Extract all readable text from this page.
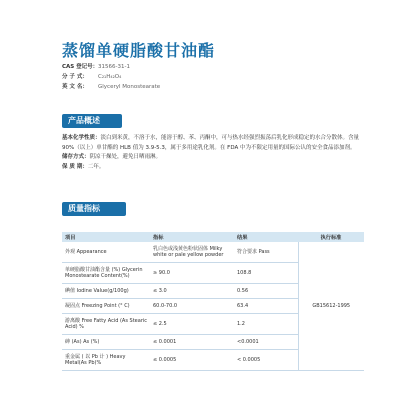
蒸馏单硬脂酸甘油酯
CAS 登记号： 31566-31-1
分 子 式：	C₂₁H₄₂O₄
英 文 名：	Glyceryl Monostearate
产品概述
基本化学性质：淡白到米黄，不溶于水，能溶于醇、苯、丙酮中，可与热水经强烈振荡后乳化形成稳定的水合分散体。含量 90%（以上）单甘酯的 HLB 值为 3.9-5.3，属于多用途乳化剂。在 FDA 中为不限定用量的国际公认的安全食品添加剂。
储存方式：阴凉干燥处，避免日晒雨淋。
保 质 期：二年。
质量指标
项目	指标	结果	执行标准
外观 Appearance	乳白色或浅黄色粉状固体 Milky white or pale yellow powder	符合要求 Pass	GB15612-1995
单硬脂酸甘油酯含量 (%) Glycerin Monostearate Content(%)	≥ 90.0	108.8	
碘值 Iodine Value(g/100g)	≤ 3.0	0.56	
凝固点 Freezing Point (° C)	60.0-70.0	63.4	
游离酸 Free Fatty Acid (As Stearic Acid) %	≤ 2.5	1.2	
砷 (As) As (%)	≤ 0.0001	<0.0001	
重金属 ( 以 Pb 计 ) Heavy Metal(As Pb)%	≤ 0.0005	< 0.0005	
